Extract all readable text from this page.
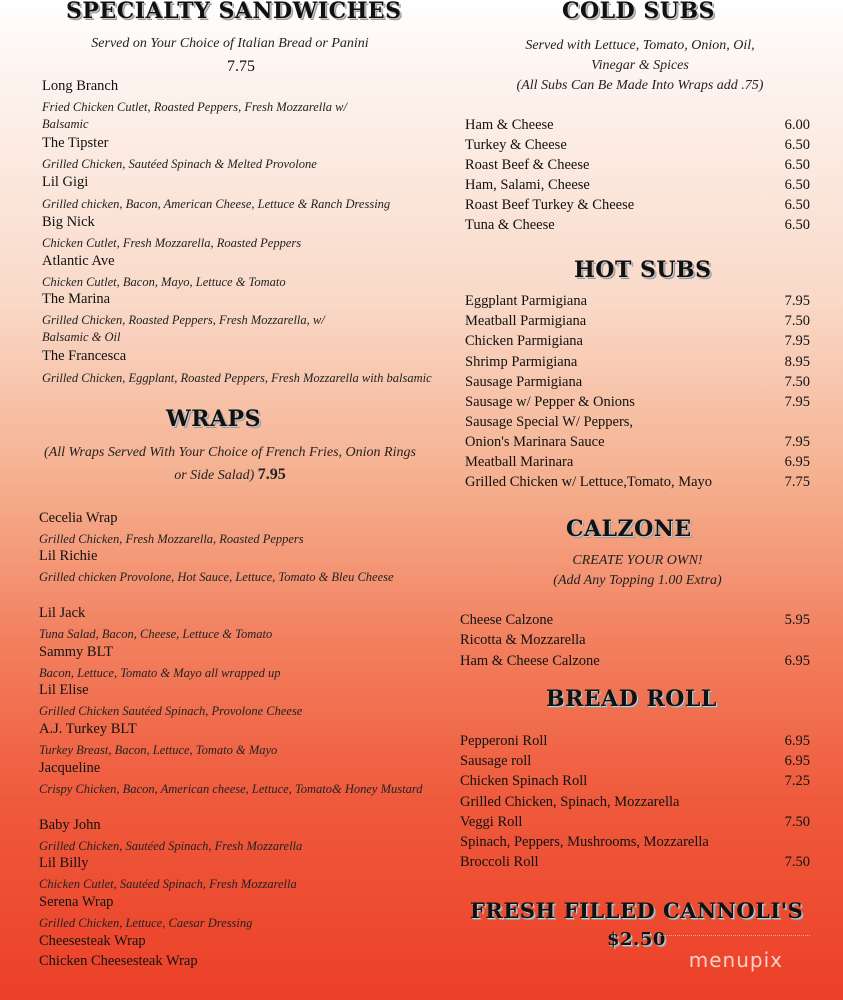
SPECIALTY SANDWICHES
Served on Your Choice of Italian Bread or Panini
7.75
Long Branch
Fried Chicken Cutlet, Roasted Peppers, Fresh Mozzarella w/ Balsamic
The Tipster
Grilled Chicken, Sautéed Spinach & Melted Provolone
Lil Gigi
Grilled chicken, Bacon, American Cheese, Lettuce & Ranch Dressing
Big Nick
Chicken Cutlet, Fresh Mozzarella, Roasted Peppers
Atlantic Ave
Chicken Cutlet, Bacon, Mayo, Lettuce & Tomato
The Marina
Grilled Chicken, Roasted Peppers, Fresh Mozzarella, w/ Balsamic & Oil
The Francesca
Grilled Chicken, Eggplant, Roasted Peppers, Fresh Mozzarella with balsamic
WRAPS
(All Wraps Served With Your Choice of French Fries, Onion Rings or Side Salad) 7.95
Cecelia Wrap
Grilled Chicken, Fresh Mozzarella, Roasted Peppers
Lil Richie
Grilled chicken Provolone, Hot Sauce, Lettuce, Tomato & Bleu Cheese
Lil Jack
Tuna Salad, Bacon, Cheese, Lettuce & Tomato
Sammy BLT
Bacon, Lettuce, Tomato & Mayo all wrapped up
Lil Elise
Grilled Chicken Sautéed Spinach, Provolone Cheese
A.J. Turkey BLT
Turkey Breast, Bacon, Lettuce, Tomato & Mayo
Jacqueline
Crispy Chicken, Bacon, American cheese, Lettuce, Tomato& Honey Mustard
Baby John
Grilled Chicken, Sautéed Spinach, Fresh Mozzarella
Lil Billy
Chicken Cutlet, Sautéed Spinach, Fresh Mozzarella
Serena Wrap
Grilled Chicken, Lettuce, Caesar Dressing
Cheesesteak Wrap
Chicken Cheesesteak Wrap
COLD SUBS
Served with Lettuce, Tomato, Onion, Oil,
Vinegar & Spices
(All Subs Can Be Made Into Wraps add .75)
Ham & Cheese	6.00
Turkey & Cheese	6.50
Roast Beef & Cheese	6.50
Ham, Salami, Cheese	6.50
Roast Beef Turkey & Cheese	6.50
Tuna & Cheese	6.50
HOT SUBS
Eggplant Parmigiana	7.95
Meatball Parmigiana	7.50
Chicken Parmigiana	7.95
Shrimp Parmigiana	8.95
Sausage Parmigiana	7.50
Sausage w/ Pepper & Onions	7.95
Sausage Special W/ Peppers,
Onion's Marinara Sauce	7.95
Meatball Marinara	6.95
Grilled Chicken w/ Lettuce,Tomato, Mayo	7.75
CALZONE
CREATE YOUR OWN!
(Add Any Topping 1.00 Extra)
Cheese Calzone	5.95
Ricotta & Mozzarella
Ham & Cheese Calzone	6.95
BREAD ROLL
Pepperoni Roll	6.95
Sausage roll	6.95
Chicken Spinach Roll	7.25
Grilled Chicken, Spinach, Mozzarella
Veggi Roll	7.50
Spinach, Peppers, Mushrooms, Mozzarella
Broccoli Roll	7.50
FRESH FILLED CANNOLI'S
$2.50
menupix
